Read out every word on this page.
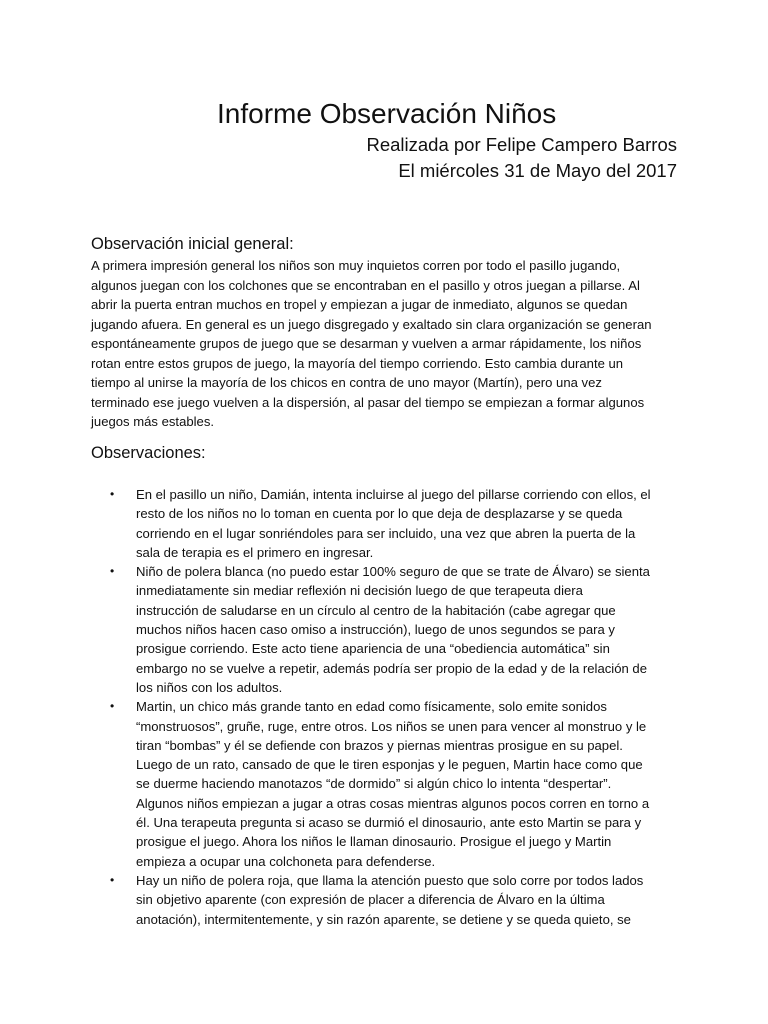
Informe Observación Niños

Realizada por Felipe Campero Barros

El miércoles 31 de Mayo del 2017

Observación inicial general:

A primera impresión general los niños son muy inquietos corren por todo el pasillo jugando,
algunos juegan con los colchones que se encontraban en el pasillo y otros juegan a pillarse. Al
abrir la puerta entran muchos en tropel y empiezan a jugar de inmediato, algunos se quedan
jugando afuera. En general es un juego disgregado y exaltado sin clara organización se generan
espontáneamente grupos de juego que se desarman y vuelven a armar rápidamente, los niños
rotan entre estos grupos de juego, la mayoría del tiempo corriendo. Esto cambia durante un
tiempo al unirse la mayoría de los chicos en contra de uno mayor (Martín), pero una vez
terminado ese juego vuelven a la dispersión, al pasar del tiempo se empiezan a formar algunos
juegos más estables.

Observaciones:
• En el pasillo un niño, Damián, intenta incluirse al juego del pillarse corriendo con ellos, el
resto de los niños no lo toman en cuenta por lo que deja de desplazarse y se queda
corriendo en el lugar sonriéndoles para ser incluido, una vez que abren la puerta de la
sala de terapia es el primero en ingresar.
• Niño de polera blanca (no puedo estar 100% seguro de que se trate de Álvaro) se sienta
inmediatamente sin mediar reflexión ni decisión luego de que terapeuta diera
instrucción de saludarse en un círculo al centro de la habitación (cabe agregar que
muchos niños hacen caso omiso a instrucción), luego de unos segundos se para y
prosigue corriendo. Este acto tiene apariencia de una “obediencia automática” sin
embargo no se vuelve a repetir, además podría ser propio de la edad y de la relación de
los niños con los adultos.
• Martin, un chico más grande tanto en edad como físicamente, solo emite sonidos
“monstruosos”, gruñe, ruge, entre otros. Los niños se unen para vencer al monstruo y le
tiran “bombas” y él se defiende con brazos y piernas mientras prosigue en su papel.
Luego de un rato, cansado de que le tiren esponjas y le peguen, Martin hace como que
se duerme haciendo manotazos “de dormido” si algún chico lo intenta “despertar”.
Algunos niños empiezan a jugar a otras cosas mientras algunos pocos corren en torno a
él. Una terapeuta pregunta si acaso se durmió el dinosaurio, ante esto Martin se para y
prosigue el juego. Ahora los niños le llaman dinosaurio. Prosigue el juego y Martin
empieza a ocupar una colchoneta para defenderse.
• Hay un niño de polera roja, que llama la atención puesto que solo corre por todos lados
sin objetivo aparente (con expresión de placer a diferencia de Álvaro en la última
anotación), intermitentemente, y sin razón aparente, se detiene y se queda quieto, se
